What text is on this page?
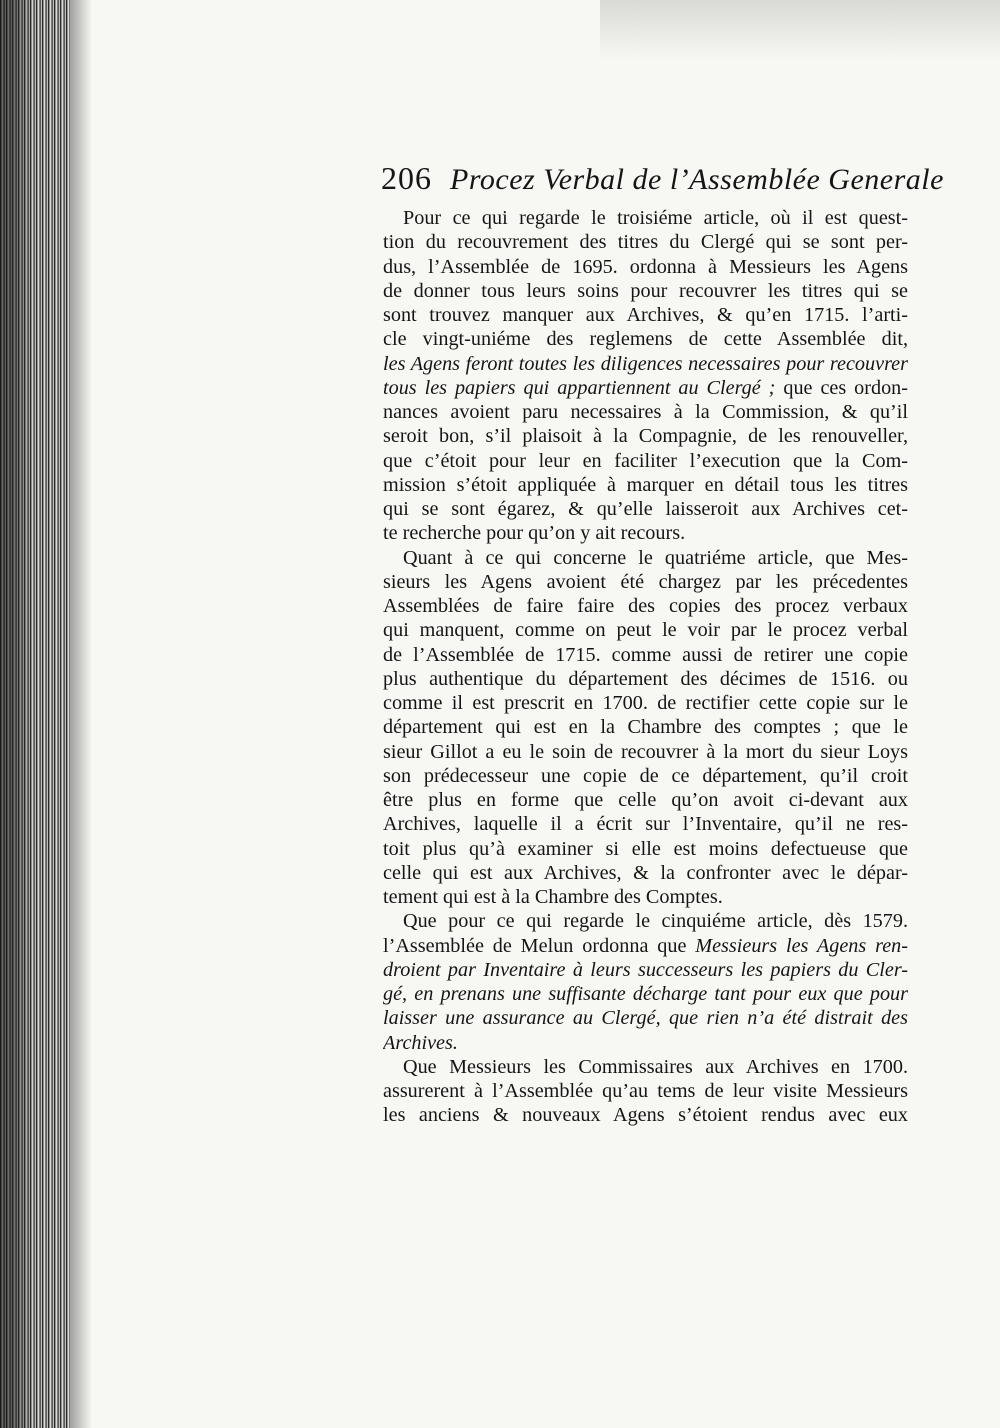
206 Procez Verbal de l’Assemblée Generale
Pour ce qui regarde le troisiéme article, où il est quest-
tion du recouvrement des titres du Clergé qui se sont per-
dus, l’Assemblée de 1695. ordonna à Messieurs les Agens
de donner tous leurs soins pour recouvrer les titres qui se
sont trouvez manquer aux Archives, & qu’en 1715. l’arti-
cle vingt-uniéme des reglemens de cette Assemblée dit,
les Agens feront toutes les diligences necessaires pour recouvrer
tous les papiers qui appartiennent au Clergé ; que ces ordon-
nances avoient paru necessaires à la Commission, & qu’il
seroit bon, s’il plaisoit à la Compagnie, de les renouveller,
que c’étoit pour leur en faciliter l’execution que la Com-
mission s’étoit appliquée à marquer en détail tous les titres
qui se sont égarez, & qu’elle laisseroit aux Archives cet-
te recherche pour qu’on y ait recours.
Quant à ce qui concerne le quatriéme article, que Mes-
sieurs les Agens avoient été chargez par les précedentes
Assemblées de faire faire des copies des procez verbaux
qui manquent, comme on peut le voir par le procez verbal
de l’Assemblée de 1715. comme aussi de retirer une copie
plus authentique du département des décimes de 1516. ou
comme il est prescrit en 1700. de rectifier cette copie sur le
département qui est en la Chambre des comptes ; que le
sieur Gillot a eu le soin de recouvrer à la mort du sieur Loys
son prédecesseur une copie de ce département, qu’il croit
être plus en forme que celle qu’on avoit ci-devant aux
Archives, laquelle il a écrit sur l’Inventaire, qu’il ne res-
toit plus qu’à examiner si elle est moins defectueuse que
celle qui est aux Archives, & la confronter avec le dépar-
tement qui est à la Chambre des Comptes.
Que pour ce qui regarde le cinquiéme article, dès 1579.
l’Assemblée de Melun ordonna que Messieurs les Agens ren-
droient par Inventaire à leurs successeurs les papiers du Cler-
gé, en prenans une suffisante décharge tant pour eux que pour
laisser une assurance au Clergé, que rien n’a été distrait des
Archives.
Que Messieurs les Commissaires aux Archives en 1700.
assurerent à l’Assemblée qu’au tems de leur visite Messieurs
les anciens & nouveaux Agens s’étoient rendus avec eux
